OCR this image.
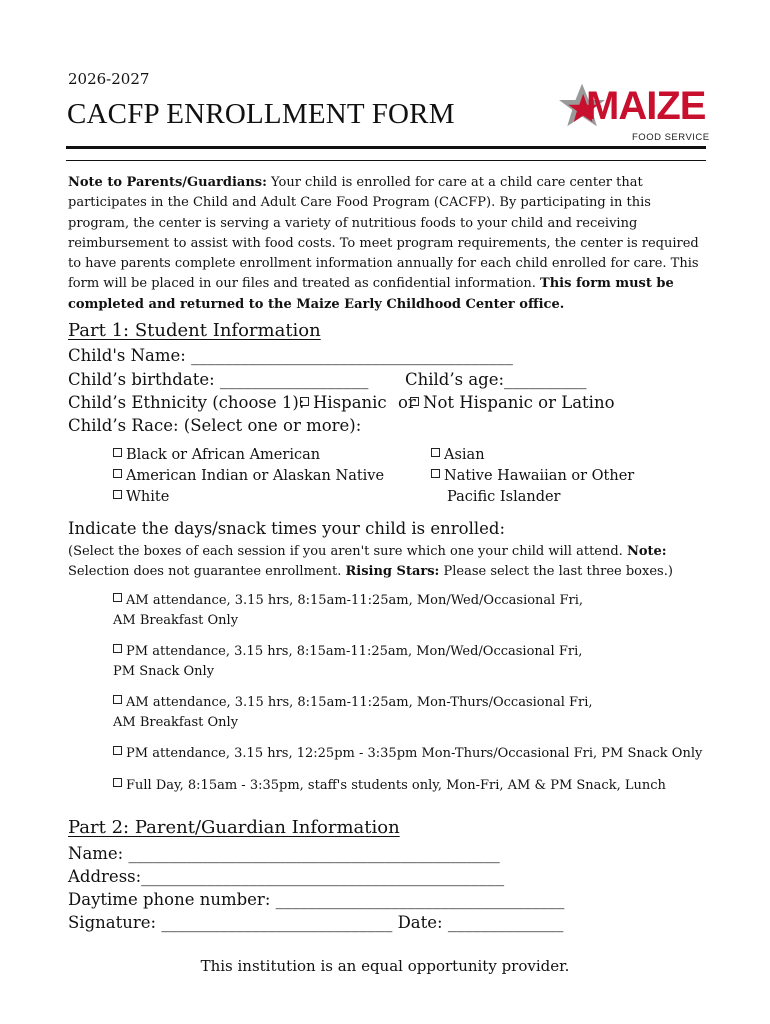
2026-2027
CACFP ENROLLMENT FORM	MAIZE
FOOD SERVICE
Note to Parents/Guardians: Your child is enrolled for care at a child care center that participates in the Child and Adult Care Food Program (CACFP). By participating in this program, the center is serving a variety of nutritious foods to your child and receiving reimbursement to assist with food costs. To meet program requirements, the center is required to have parents complete enrollment information annually for each child enrolled for care. This form will be placed in our files and treated as confidential information. This form must be completed and returned to the Maize Early Childhood Center office.
Part 1: Student Information
Child's Name: _______________________________________
Child’s birthdate: __________________ Child’s age:__________
Child’s Ethnicity (choose 1): Hispanic or Not Hispanic or Latino
Child’s Race: (Select one or more):
Black or African American
American Indian or Alaskan Native
White
Asian
Native Hawaiian or Other
Pacific Islander
Indicate the days/snack times your child is enrolled:
(Select the boxes of each session if you aren't sure which one your child will attend. Note:
Selection does not guarantee enrollment. Rising Stars: Please select the last three boxes.)
AM attendance, 3.15 hrs, 8:15am-11:25am, Mon/Wed/Occasional Fri,
AM Breakfast Only
PM attendance, 3.15 hrs, 8:15am-11:25am, Mon/Wed/Occasional Fri,
PM Snack Only
AM attendance, 3.15 hrs, 8:15am-11:25am, Mon-Thurs/Occasional Fri,
AM Breakfast Only
PM attendance, 3.15 hrs, 12:25pm - 3:35pm Mon-Thurs/Occasional Fri, PM Snack Only
Full Day, 8:15am - 3:35pm, staff's students only, Mon-Fri, AM & PM Snack, Lunch
Part 2: Parent/Guardian Information
Name: _____________________________________________
Address:____________________________________________
Daytime phone number: ___________________________________
Signature: ____________________________ Date: ______________
This institution is an equal opportunity provider.
